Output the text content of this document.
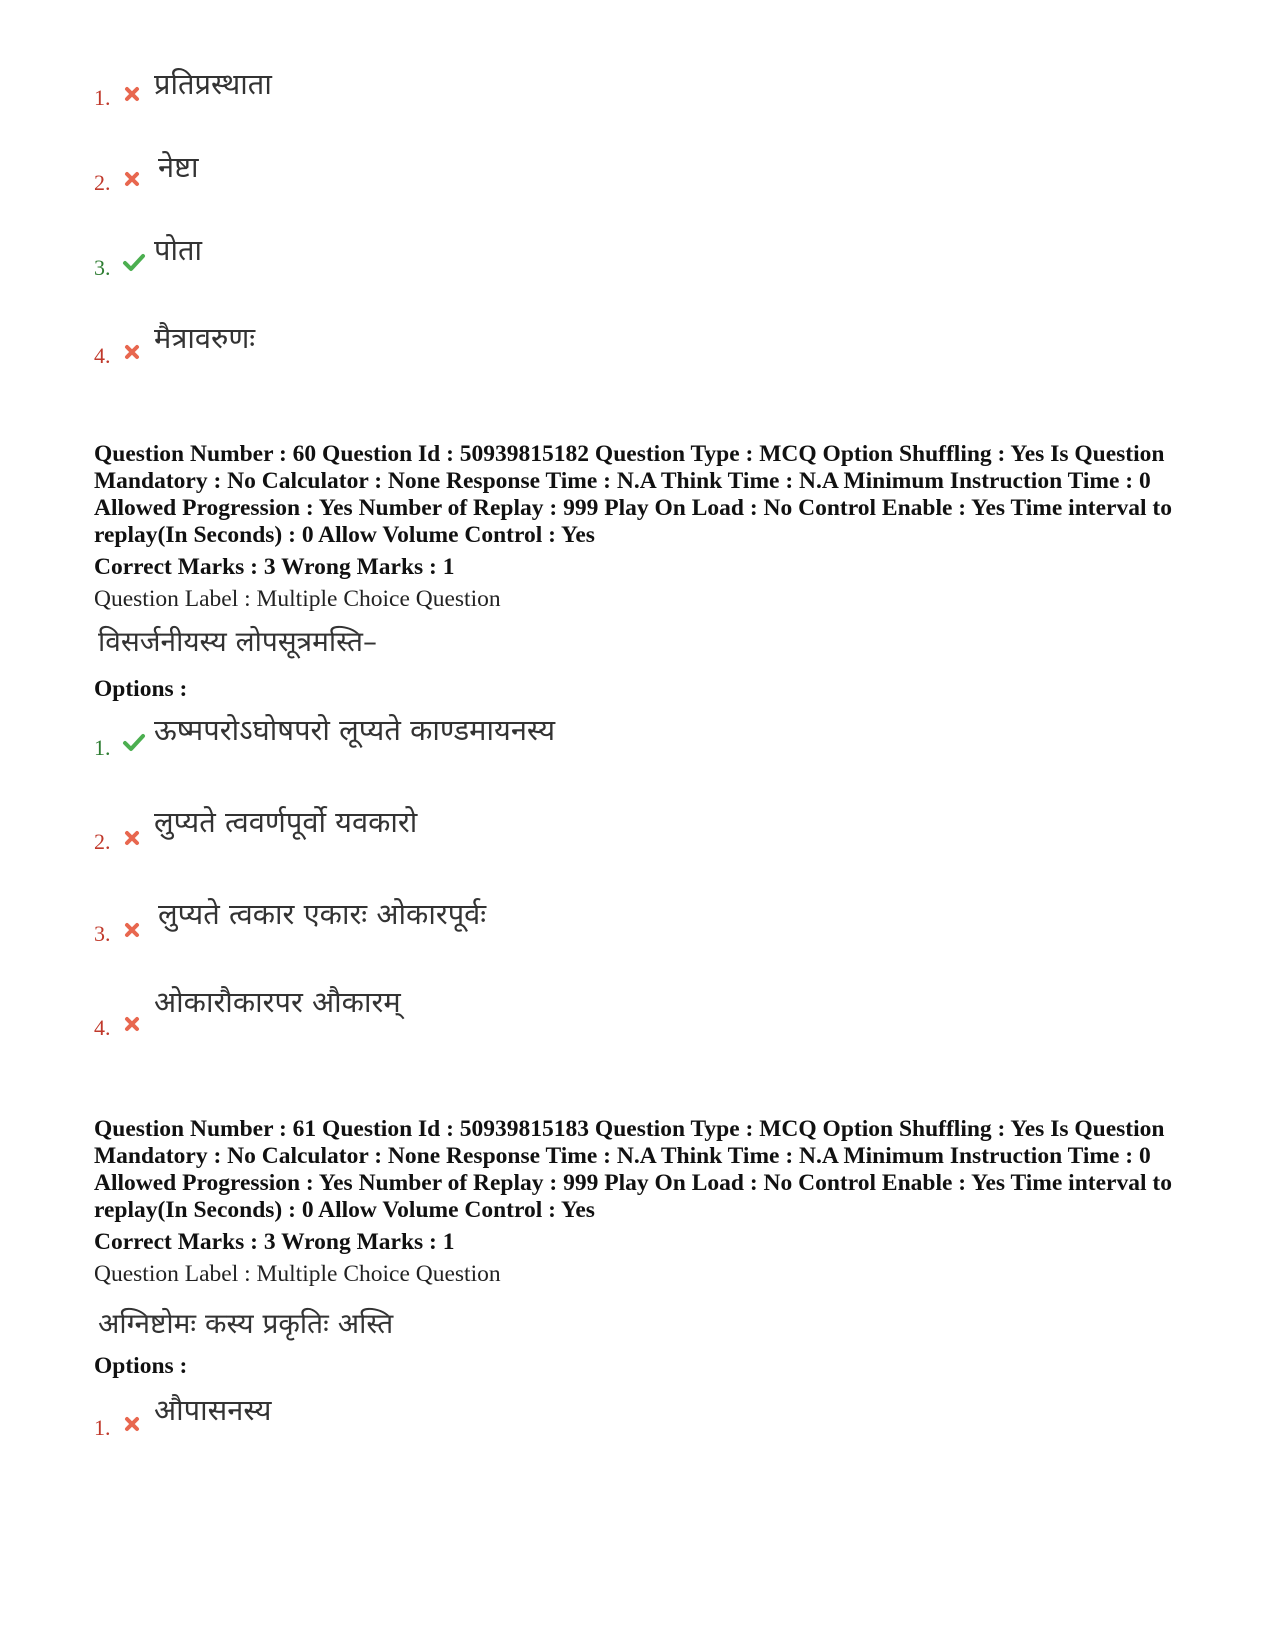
1. प्रतिप्रस्थाता
2. नेष्टा
3.
पोता
4.
मैत्रावरुणः
Question Number : 60 Question Id : 50939815182 Question Type : MCQ Option Shuffling : Yes Is Question Mandatory : No Calculator : None Response Time : N.A Think Time : N.A Minimum Instruction Time : 0 Allowed Progression : Yes Number of Replay : 999 Play On Load : No Control Enable : Yes Time interval to replay(In Seconds) : 0 Allow Volume Control : Yes
Correct Marks : 3 Wrong Marks : 1
Question Label : Multiple Choice Question
विसर्जनीयस्य लोपसूत्रमस्ति–
Options :
1.
ऊष्मपरोऽघोषपरो लूप्यते काण्डमायनस्य
2.
लुप्यते त्ववर्णपूर्वो यवकारो
3.
लुप्यते त्वकार एकारः ओकारपूर्वः
4.
ओकारौकारपर औकारम्
Question Number : 61 Question Id : 50939815183 Question Type : MCQ Option Shuffling : Yes Is Question Mandatory : No Calculator : None Response Time : N.A Think Time : N.A Minimum Instruction Time : 0 Allowed Progression : Yes Number of Replay : 999 Play On Load : No Control Enable : Yes Time interval to replay(In Seconds) : 0 Allow Volume Control : Yes
Correct Marks : 3 Wrong Marks : 1
Question Label : Multiple Choice Question
अग्निष्टोमः कस्य प्रकृतिः अस्ति
Options :
1.
औपासनस्य
